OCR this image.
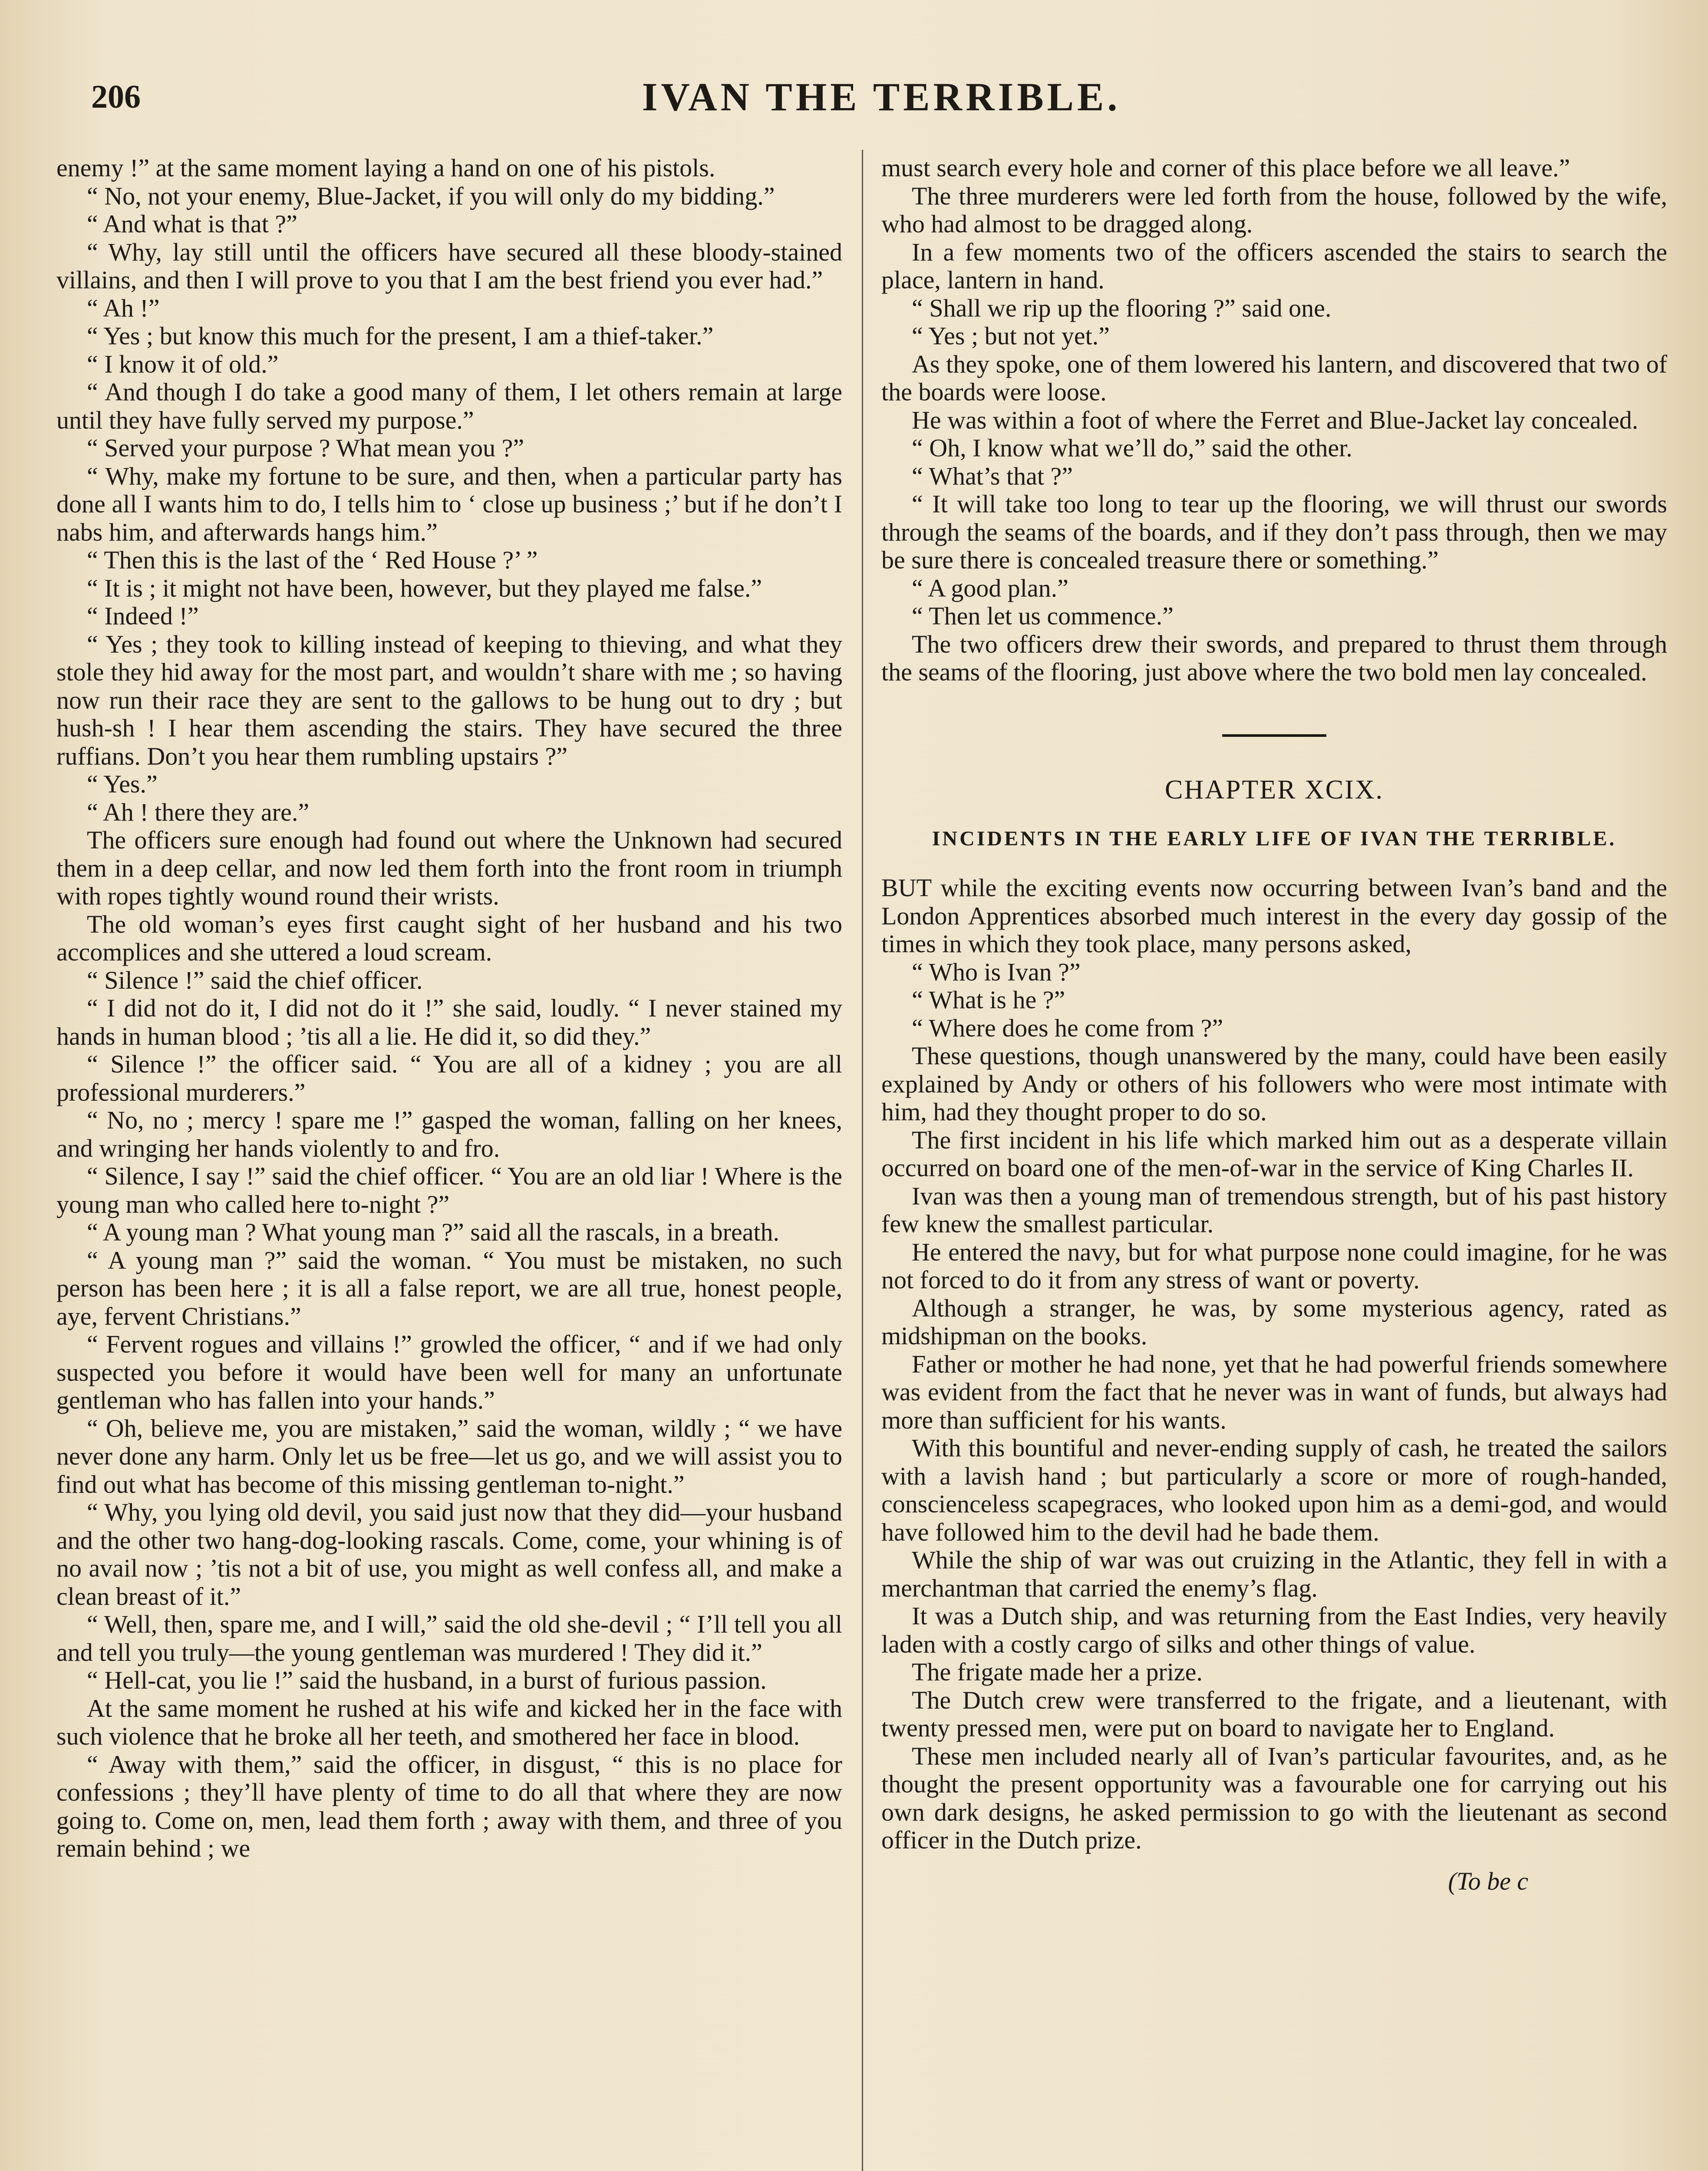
206	IVAN THE TERRIBLE.

enemy !” at the same moment laying a hand on one of his pistols.

“ No, not your enemy, Blue-Jacket, if you will only do my bidding.”

“ And what is that ?”

“ Why, lay still until the officers have secured all these bloody-stained villains, and then I will prove to you that I am the best friend you ever had.”

“ Ah !”

“ Yes ; but know this much for the present, I am a thief-taker.”

“ I know it of old.”

“ And though I do take a good many of them, I let others remain at large until they have fully served my purpose.”

“ Served your purpose ? What mean you ?”

“ Why, make my fortune to be sure, and then, when a particular party has done all I wants him to do, I tells him to ‘ close up business ;’ but if he don’t I nabs him, and afterwards hangs him.”

“ Then this is the last of the ‘ Red House ?’ ”

“ It is ; it might not have been, however, but they played me false.”

“ Indeed !”

“ Yes ; they took to killing instead of keeping to thieving, and what they stole they hid away for the most part, and wouldn’t share with me ; so having now run their race they are sent to the gallows to be hung out to dry ; but hush-sh ! I hear them ascending the stairs. They have secured the three ruffians. Don’t you hear them rumbling upstairs ?”

“ Yes.”

“ Ah ! there they are.”

The officers sure enough had found out where the Unknown had secured them in a deep cellar, and now led them forth into the front room in triumph with ropes tightly wound round their wrists.

The old woman’s eyes first caught sight of her husband and his two accomplices and she uttered a loud scream.

“ Silence !” said the chief officer.

“ I did not do it, I did not do it !” she said, loudly. “ I never stained my hands in human blood ; ’tis all a lie. He did it, so did they.”

“ Silence !” the officer said. “ You are all of a kidney ; you are all professional murderers.”

“ No, no ; mercy ! spare me !” gasped the woman, falling on her knees, and wringing her hands violently to and fro.

“ Silence, I say !” said the chief officer. “ You are an old liar ! Where is the young man who called here to-night ?”

“ A young man ? What young man ?” said all the rascals, in a breath.

“ A young man ?” said the woman. “ You must be mistaken, no such person has been here ; it is all a false report, we are all true, honest people, aye, fervent Christians.”

“ Fervent rogues and villains !” growled the officer, “ and if we had only suspected you before it would have been well for many an unfortunate gentleman who has fallen into your hands.”

“ Oh, believe me, you are mistaken,” said the woman, wildly ; “ we have never done any harm. Only let us be free—let us go, and we will assist you to find out what has become of this missing gentleman to-night.”

“ Why, you lying old devil, you said just now that they did—your husband and the other two hang-dog-looking rascals. Come, come, your whining is of no avail now ; ’tis not a bit of use, you might as well confess all, and make a clean breast of it.”

“ Well, then, spare me, and I will,” said the old she-devil ; “ I’ll tell you all and tell you truly—the young gentleman was murdered ! They did it.”

“ Hell-cat, you lie !” said the husband, in a burst of furious passion.

At the same moment he rushed at his wife and kicked her in the face with such violence that he broke all her teeth, and smothered her face in blood.

“ Away with them,” said the officer, in disgust, “ this is no place for confessions ; they’ll have plenty of time to do all that where they are now going to. Come on, men, lead them forth ; away with them, and three of you remain behind ; we

must search every hole and corner of this place before we all leave.”

The three murderers were led forth from the house, followed by the wife, who had almost to be dragged along.

In a few moments two of the officers ascended the stairs to search the place, lantern in hand.

“ Shall we rip up the flooring ?” said one.

“ Yes ; but not yet.”

As they spoke, one of them lowered his lantern, and discovered that two of the boards were loose.

He was within a foot of where the Ferret and Blue-Jacket lay concealed.

“ Oh, I know what we’ll do,” said the other.

“ What’s that ?”

“ It will take too long to tear up the flooring, we will thrust our swords through the seams of the boards, and if they don’t pass through, then we may be sure there is concealed treasure there or something.”

“ A good plan.”

“ Then let us commence.”

The two officers drew their swords, and prepared to thrust them through the seams of the flooring, just above where the two bold men lay concealed.

CHAPTER XCIX.
INCIDENTS IN THE EARLY LIFE OF IVAN THE TERRIBLE.

BUT while the exciting events now occurring between Ivan’s band and the London Apprentices absorbed much interest in the every day gossip of the times in which they took place, many persons asked,

“ Who is Ivan ?”

“ What is he ?”

“ Where does he come from ?”

These questions, though unanswered by the many, could have been easily explained by Andy or others of his followers who were most intimate with him, had they thought proper to do so.

The first incident in his life which marked him out as a desperate villain occurred on board one of the men-of-war in the service of King Charles II.

Ivan was then a young man of tremendous strength, but of his past history few knew the smallest particular.

He entered the navy, but for what purpose none could imagine, for he was not forced to do it from any stress of want or poverty.

Although a stranger, he was, by some mysterious agency, rated as midshipman on the books.

Father or mother he had none, yet that he had powerful friends somewhere was evident from the fact that he never was in want of funds, but always had more than sufficient for his wants.

With this bountiful and never-ending supply of cash, he treated the sailors with a lavish hand ; but particularly a score or more of rough-handed, conscienceless scapegraces, who looked upon him as a demi-god, and would have followed him to the devil had he bade them.

While the ship of war was out cruizing in the Atlantic, they fell in with a merchantman that carried the enemy’s flag.

It was a Dutch ship, and was returning from the East Indies, very heavily laden with a costly cargo of silks and other things of value.

The frigate made her a prize.

The Dutch crew were transferred to the frigate, and a lieutenant, with twenty pressed men, were put on board to navigate her to England.

These men included nearly all of Ivan’s particular favourites, and, as he thought the present opportunity was a favourable one for carrying out his own dark designs, he asked permission to go with the lieutenant as second officer in the Dutch prize.

(To be c
